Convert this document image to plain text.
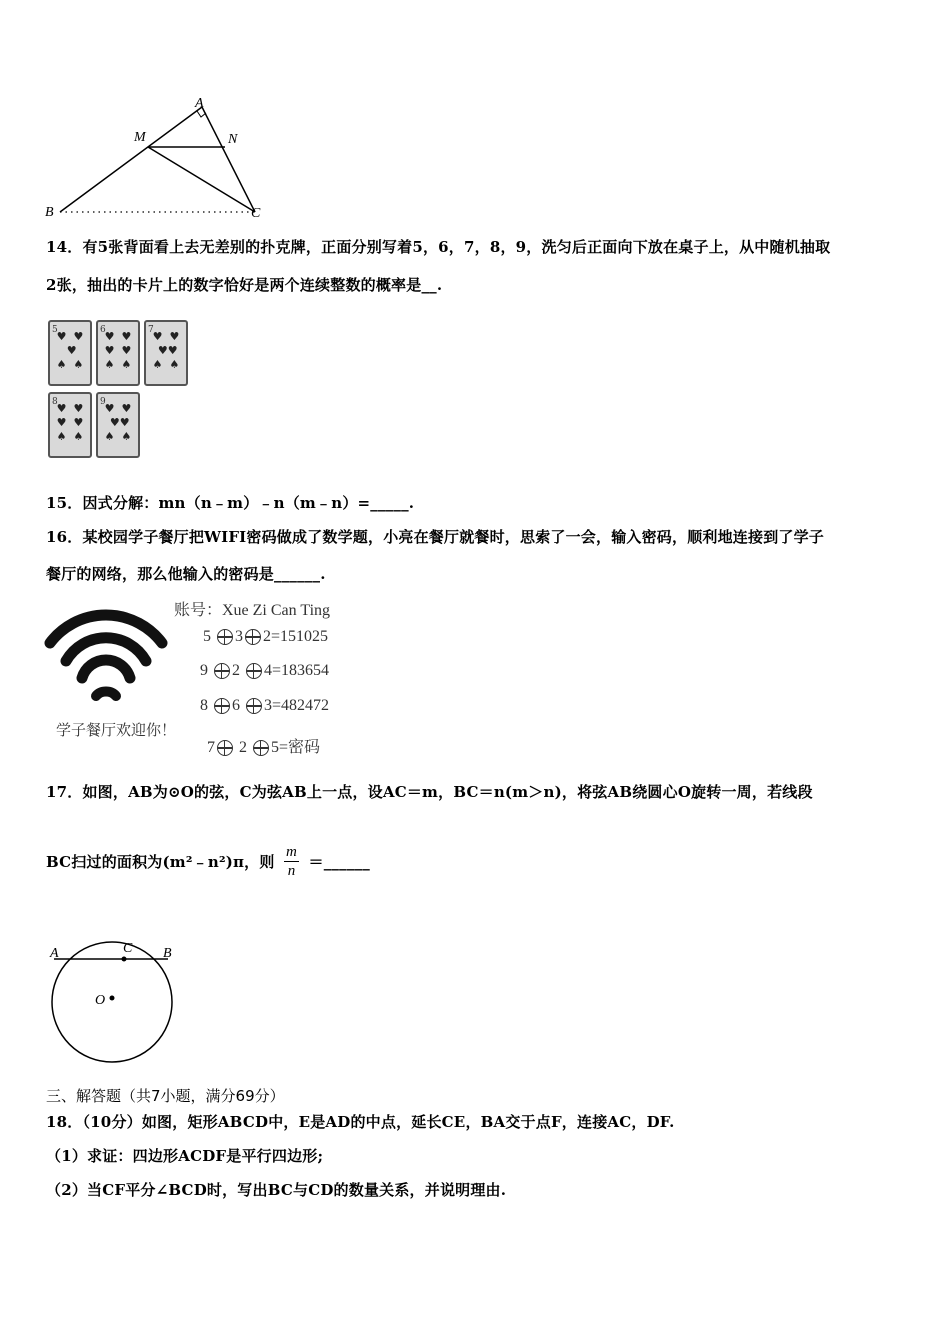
A
M	N
B	C
14．有5张背面看上去无差别的扑克牌，正面分别写着5，6，7，8，9，洗匀后正面向下放在桌子上，从中随机抽取
2张，抽出的卡片上的数字恰好是两个连续整数的概率是__.
5
♥  ♥
♥
♠  ♠
6
♥  ♥
♥  ♥
♠  ♠
7
♥  ♥
♥♥
♠  ♠
8
♥  ♥
♥  ♥
♠  ♠
9
♥  ♥
♥♥
♠  ♠
15．因式分解：mn（n﹣m）﹣n（m﹣n）=_____.
16．某校园学子餐厅把WIFI密码做成了数学题，小亮在餐厅就餐时，思索了一会，输入密码，顺利地连接到了学子
餐厅的网络，那么他输入的密码是______.
学子餐厅欢迎你！
账号：Xue Zi Can Ting
5 3 2=151025
9 2 4=183654
8 6 3=482472
7 2 5=密码
17．如图，AB为⊙O的弦，C为弦AB上一点，设AC＝m，BC＝n(m＞n)，将弦AB绕圆心O旋转一周，若线段
BC扫过的面积为(m²﹣n²)π，则 $\frac{m}{n}$ ＝______
A	C B
O
三、解答题（共7小题，满分69分）
18．（10分）如图，矩形ABCD中，E是AD的中点，延长CE，BA交于点F，连接AC，DF.
（1）求证：四边形ACDF是平行四边形;
（2）当CF平分∠BCD时，写出BC与CD的数量关系，并说明理由.
